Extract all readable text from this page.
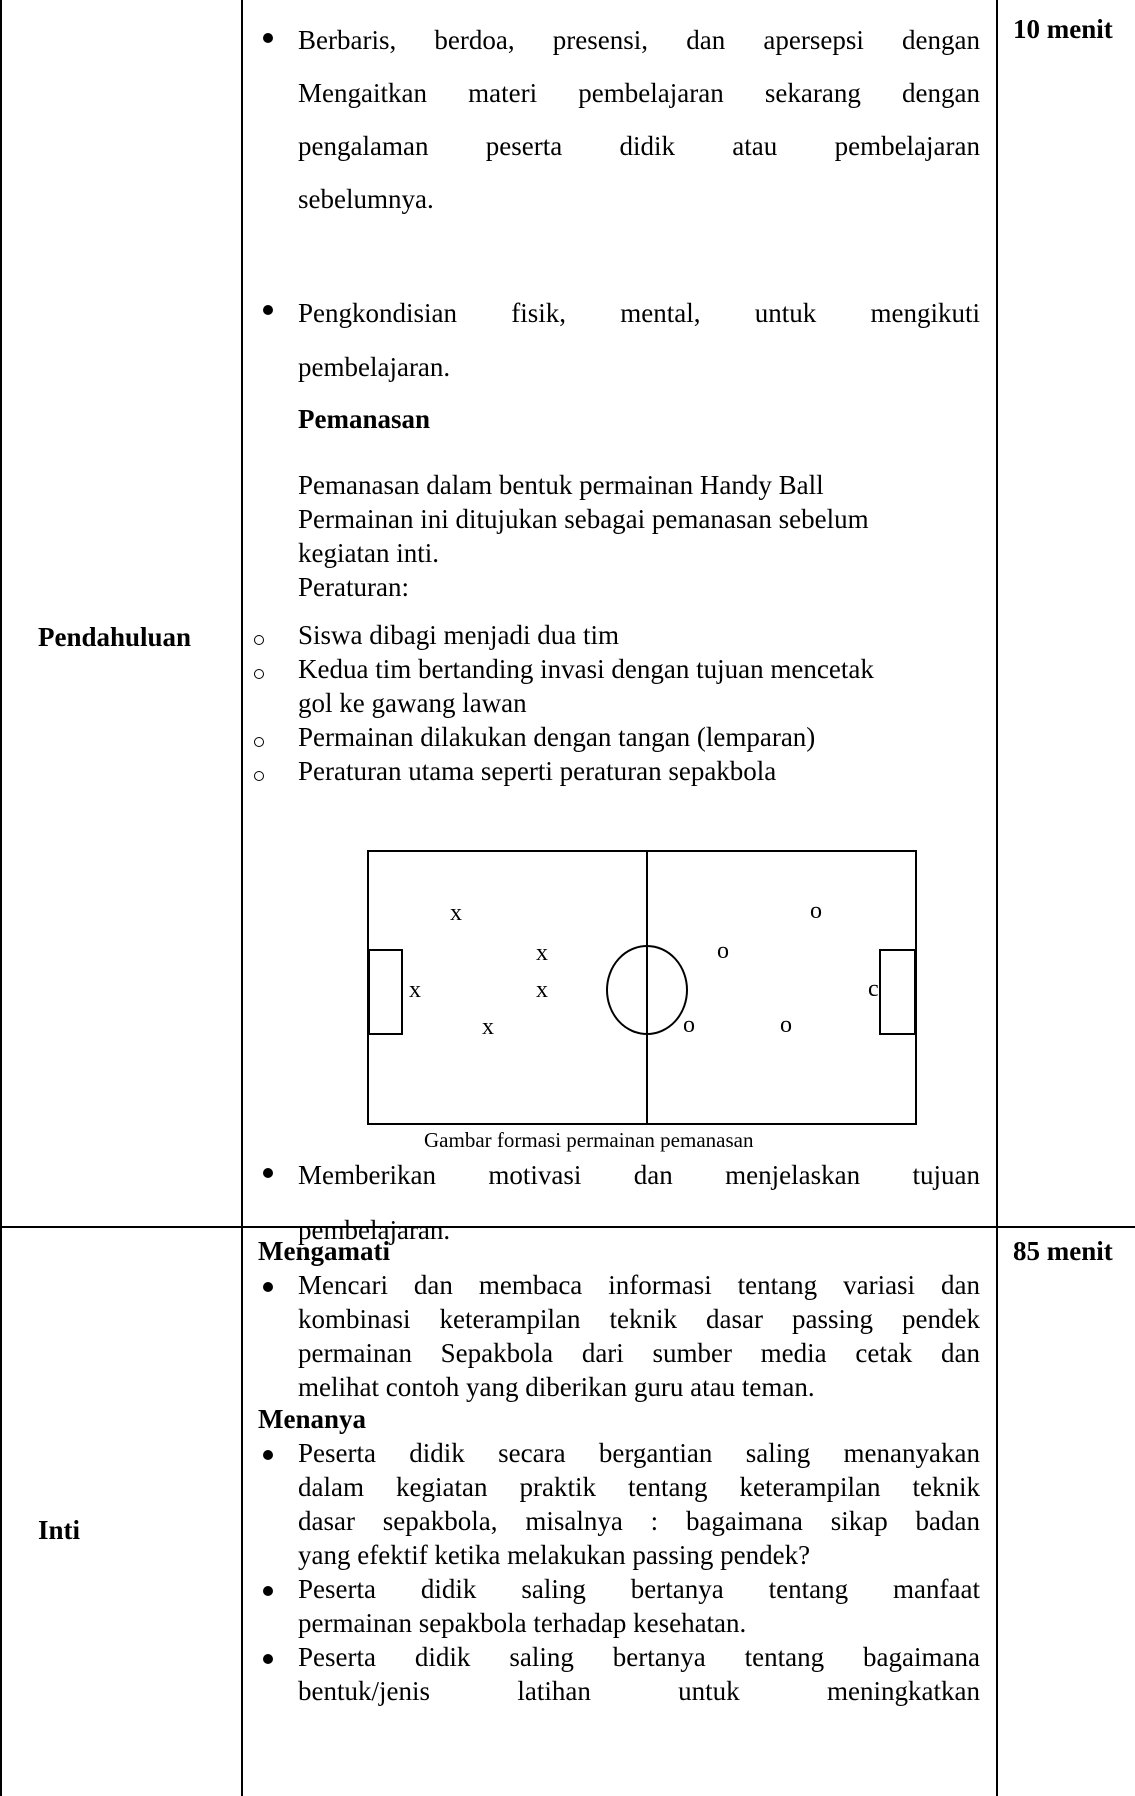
Pendahuluan
10 menit
Berbaris, berdoa, presensi, dan apersepsi dengan
Mengaitkan materi pembelajaran sekarang dengan
pengalaman peserta didik atau pembelajaran
sebelumnya.
Pengkondisian fisik, mental, untuk mengikuti
pembelajaran.
Pemanasan
Pemanasan dalam bentuk permainan Handy Ball
Permainan ini ditujukan sebagai pemanasan sebelum
kegiatan inti.
Peraturan:
Siswa dibagi menjadi dua tim
Kedua tim bertanding invasi dengan tujuan mencetak
gol ke gawang lawan
Permainan dilakukan dengan tangan (lemparan)
Peraturan utama seperti peraturan sepakbola
x
x
x	x
x
o
o
o	o
c
Gambar formasi permainan pemanasan
Memberikan motivasi dan menjelaskan tujuan
pembelajaran.
Inti
85 menit
Mengamati
Mencari dan membaca informasi tentang variasi dan
kombinasi keterampilan teknik dasar passing pendek
permainan Sepakbola dari sumber media cetak dan
melihat contoh yang diberikan guru atau teman.
Menanya
Peserta didik secara bergantian saling menanyakan
dalam kegiatan praktik tentang keterampilan teknik
dasar sepakbola, misalnya : bagaimana sikap badan
yang efektif ketika melakukan passing pendek?
Peserta didik saling bertanya tentang manfaat
permainan sepakbola terhadap kesehatan.
Peserta didik saling bertanya tentang bagaimana
bentuk/jenis latihan untuk meningkatkan
